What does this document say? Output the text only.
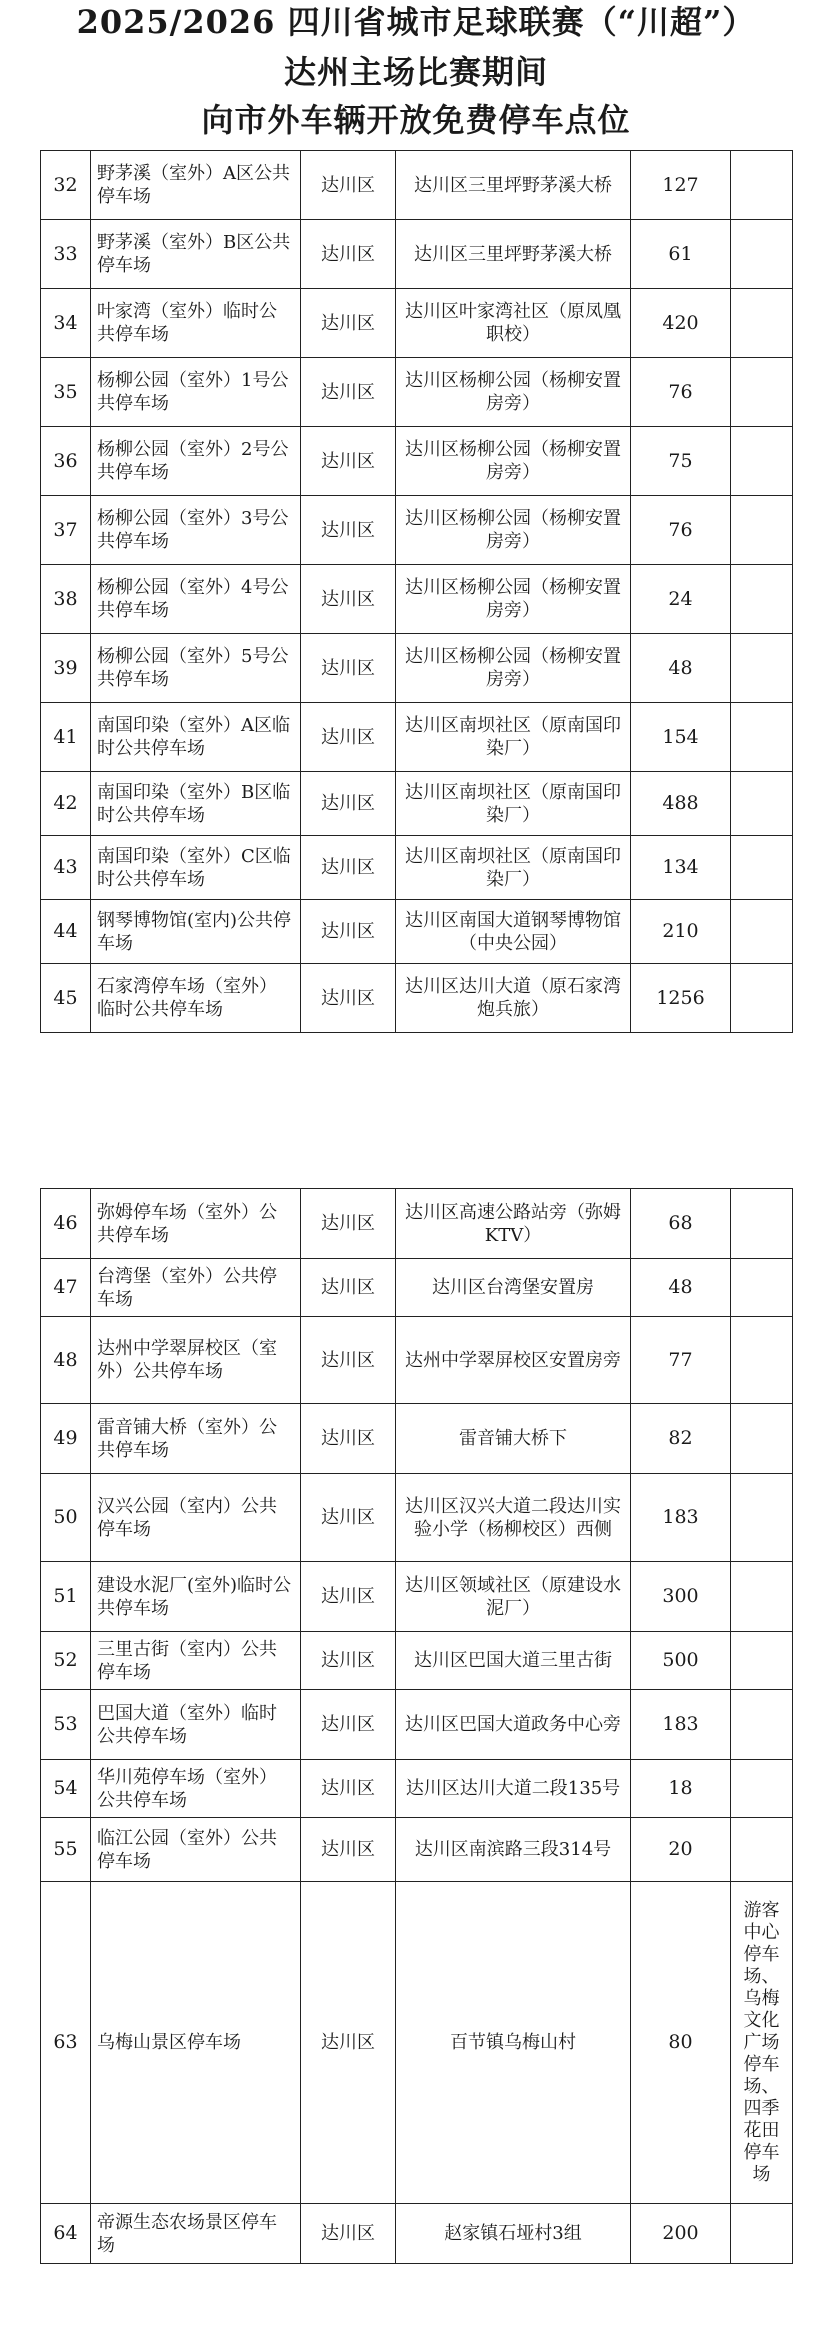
2025/2026 四川省城市足球联赛（“川超”）
达州主场比赛期间
向市外车辆开放免费停车点位
32	野茅溪（室外）A区公共停车场	达川区	达川区三里坪野茅溪大桥	127	
33	野茅溪（室外）B区公共停车场	达川区	达川区三里坪野茅溪大桥	61	
34	叶家湾（室外）临时公共停车场	达川区	达川区叶家湾社区（原凤凰职校）	420	
35	杨柳公园（室外）1号公共停车场	达川区	达川区杨柳公园（杨柳安置房旁）	76	
36	杨柳公园（室外）2号公共停车场	达川区	达川区杨柳公园（杨柳安置房旁）	75	
37	杨柳公园（室外）3号公共停车场	达川区	达川区杨柳公园（杨柳安置房旁）	76	
38	杨柳公园（室外）4号公共停车场	达川区	达川区杨柳公园（杨柳安置房旁）	24	
39	杨柳公园（室外）5号公共停车场	达川区	达川区杨柳公园（杨柳安置房旁）	48	
41	南国印染（室外）A区临时公共停车场	达川区	达川区南坝社区（原南国印染厂）	154	
42	南国印染（室外）B区临时公共停车场	达川区	达川区南坝社区（原南国印染厂）	488	
43	南国印染（室外）C区临时公共停车场	达川区	达川区南坝社区（原南国印染厂）	134	
44	钢琴博物馆(室内)公共停车场	达川区	达川区南国大道钢琴博物馆（中央公园）	210	
45	石家湾停车场（室外）临时公共停车场	达川区	达川区达川大道（原石家湾炮兵旅）	1256	
46	弥姆停车场（室外）公共停车场	达川区	达川区高速公路站旁（弥姆KTV）	68	
47	台湾堡（室外）公共停车场	达川区	达川区台湾堡安置房	48	
48	达州中学翠屏校区（室外）公共停车场	达川区	达州中学翠屏校区安置房旁	77	
49	雷音铺大桥（室外）公共停车场	达川区	雷音铺大桥下	82	
50	汉兴公园（室内）公共停车场	达川区	达川区汉兴大道二段达川实验小学（杨柳校区）西侧	183	
51	建设水泥厂(室外)临时公共停车场	达川区	达川区领域社区（原建设水泥厂）	300	
52	三里古街（室内）公共停车场	达川区	达川区巴国大道三里古街	500	
53	巴国大道（室外）临时公共停车场	达川区	达川区巴国大道政务中心旁	183	
54	华川苑停车场（室外）公共停车场	达川区	达川区达川大道二段135号	18	
55	临江公园（室外）公共停车场	达川区	达川区南滨路三段314号	20	
63	乌梅山景区停车场	达川区	百节镇乌梅山村	80	游客中心停车场、乌梅文化广场停车场、四季花田停车场
64	帝源生态农场景区停车场	达川区	赵家镇石垭村3组	200	
